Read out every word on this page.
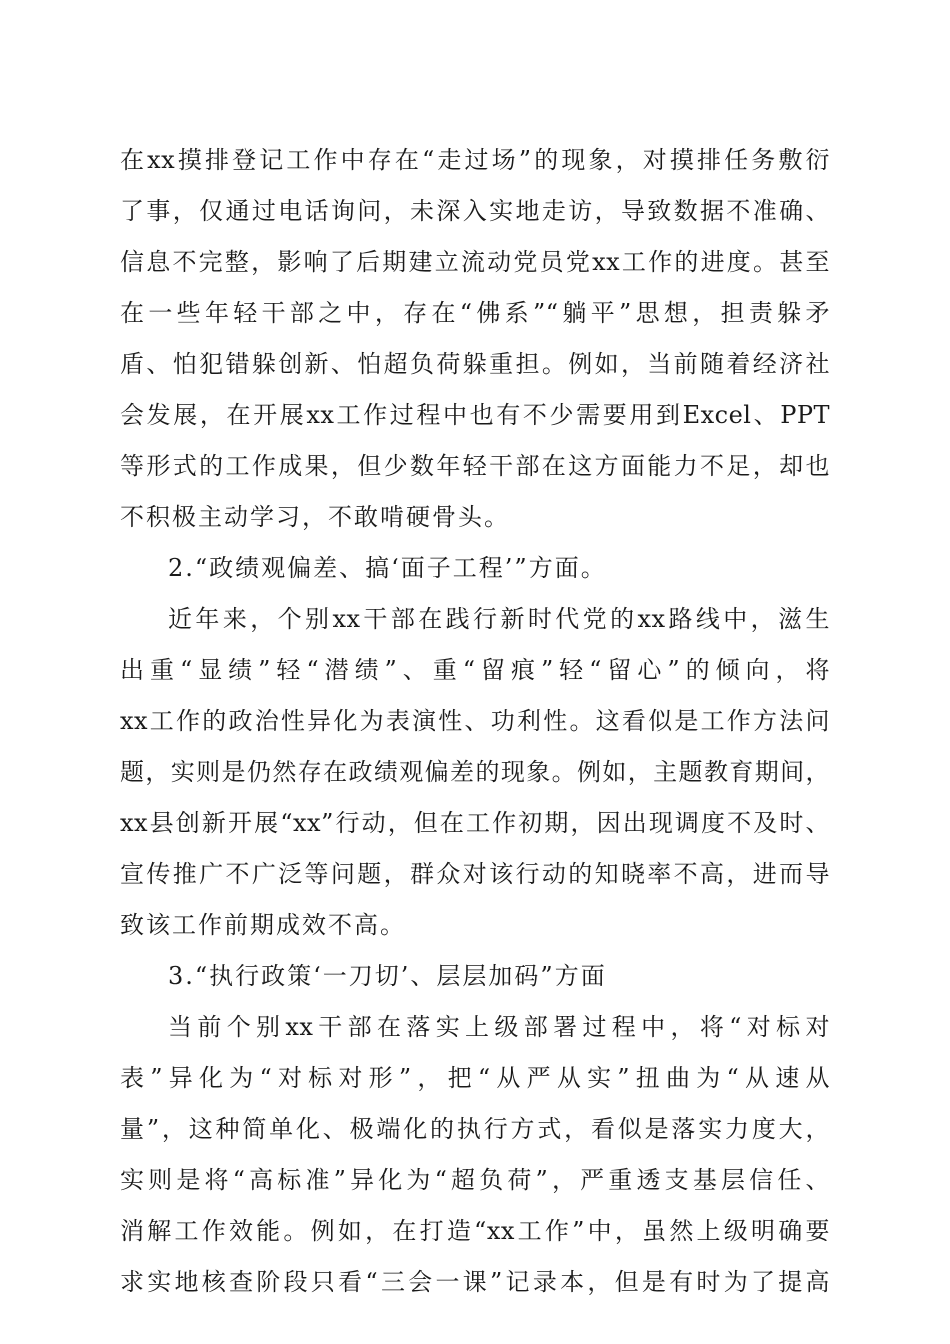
在xx摸排登记工作中存在“走过场”的现象，对摸排任务敷衍
了事，仅通过电话询问，未深入实地走访，导致数据不准确、
信息不完整，影响了后期建立流动党员党xx工作的进度。甚至
在一些年轻干部之中，存在“佛系”“躺平”思想，担责躲矛
盾、怕犯错躲创新、怕超负荷躲重担。例如，当前随着经济社
会发展，在开展xx工作过程中也有不少需要用到Excel、PPT
等形式的工作成果，但少数年轻干部在这方面能力不足，却也
不积极主动学习，不敢啃硬骨头。
2.“政绩观偏差、搞‘面子工程’”方面。
近年来，个别xx干部在践行新时代党的xx路线中，滋生
出重“显绩”轻“潜绩”、重“留痕”轻“留心”的倾向，将
xx工作的政治性异化为表演性、功利性。这看似是工作方法问
题，实则是仍然存在政绩观偏差的现象。例如，主题教育期间，
xx县创新开展“xx”行动，但在工作初期，因出现调度不及时、
宣传推广不广泛等问题，群众对该行动的知晓率不高，进而导
致该工作前期成效不高。
3.“执行政策‘一刀切’、层层加码”方面
当前个别xx干部在落实上级部署过程中，将“对标对
表”异化为“对标对形”，把“从严从实”扭曲为“从速从
量”，这种简单化、极端化的执行方式，看似是落实力度大，
实则是将“高标准”异化为“超负荷”，严重透支基层信任、
消解工作效能。例如，在打造“xx工作”中，虽然上级明确要
求实地核查阶段只看“三会一课”记录本，但是有时为了提高
